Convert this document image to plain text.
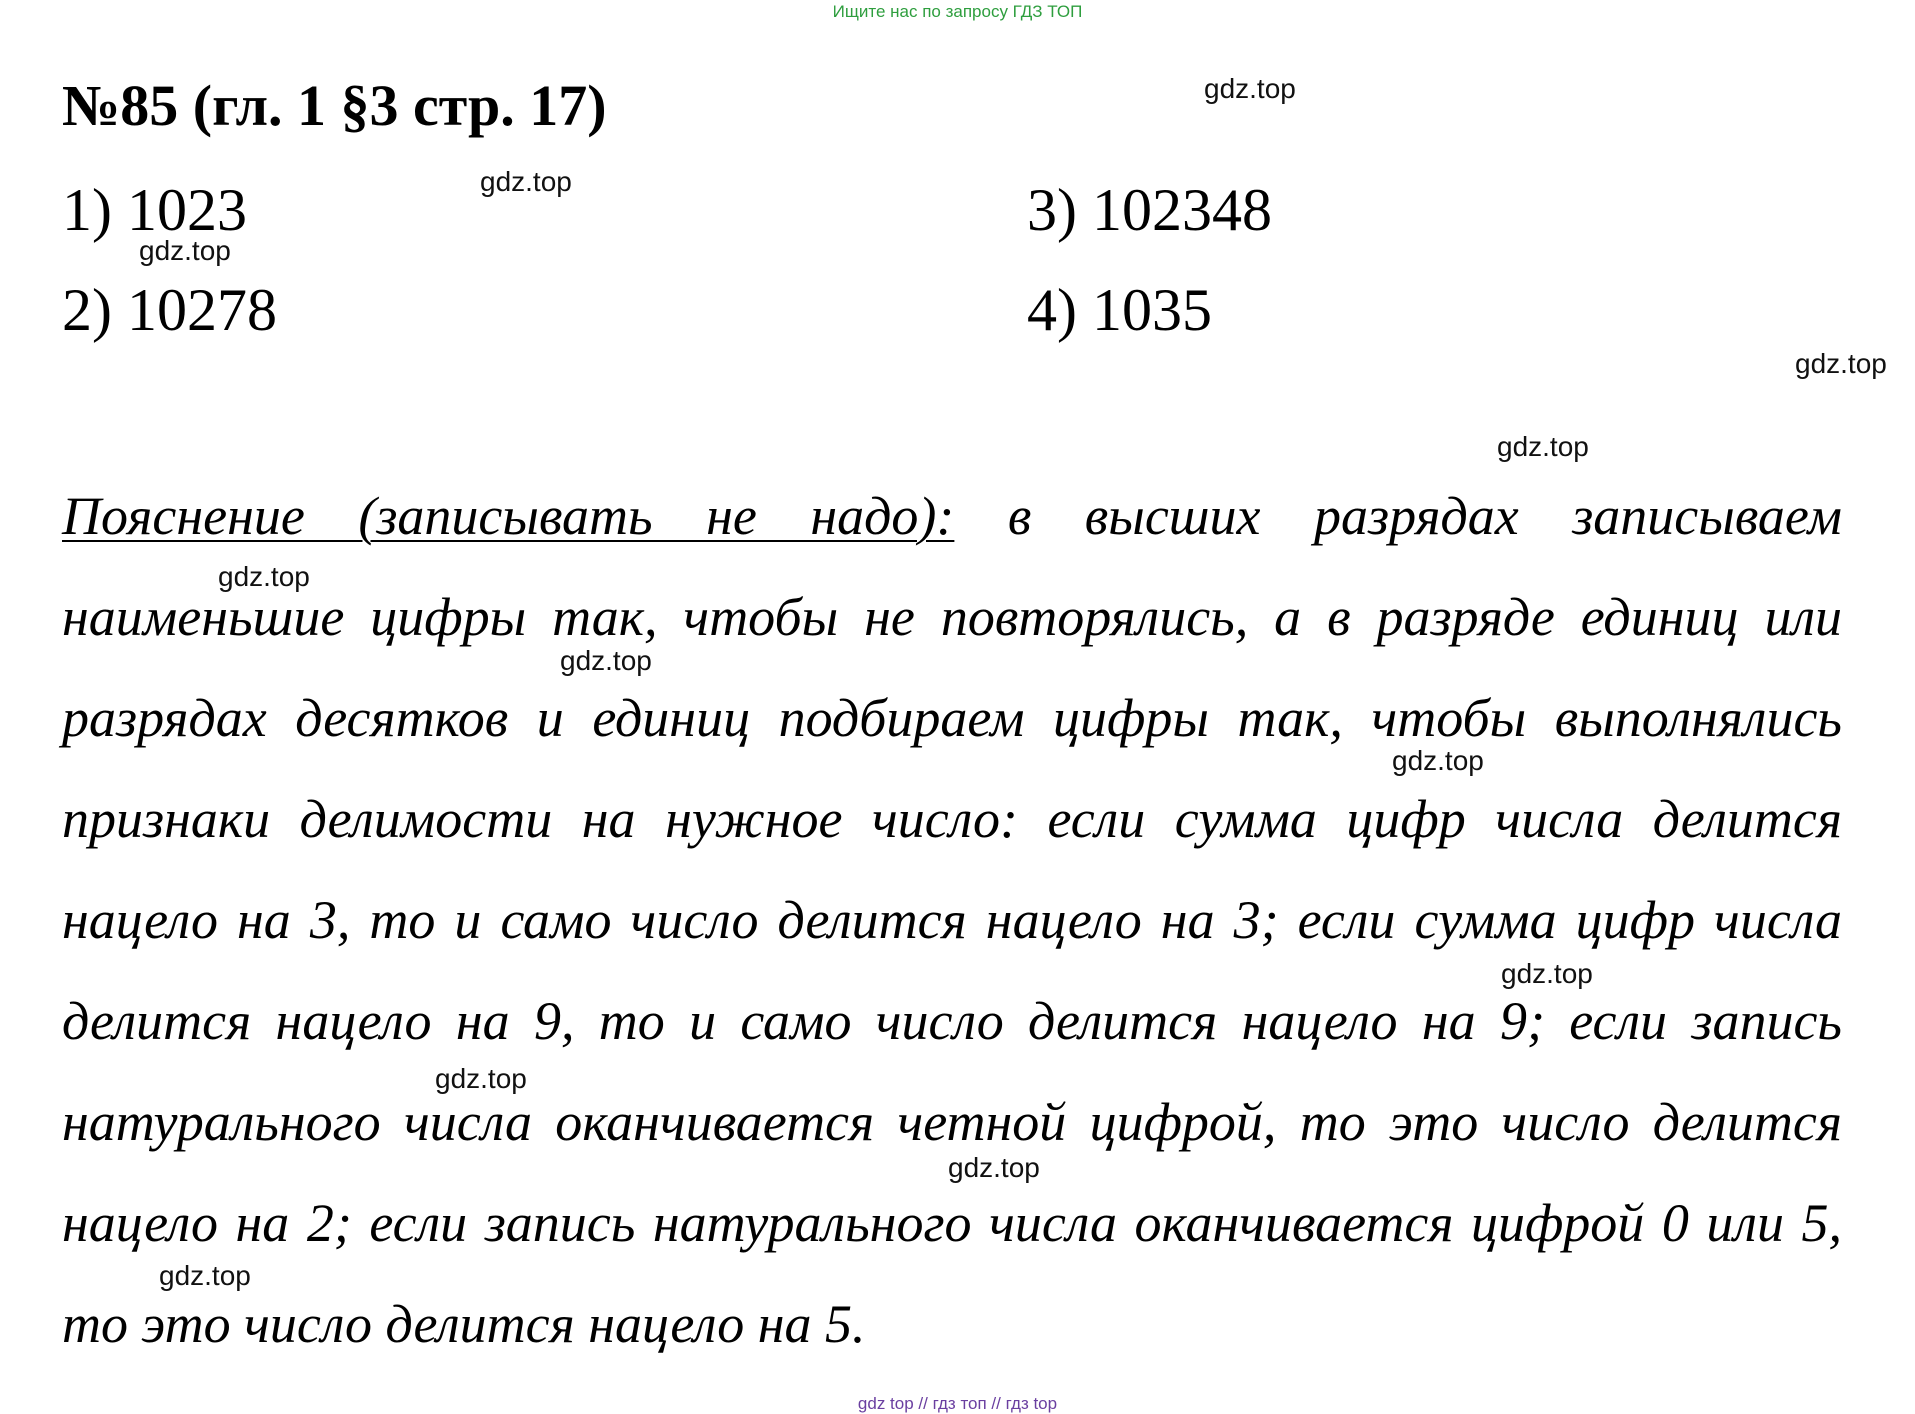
Ищите нас по запросу ГДЗ ТОП
№85 (гл. 1 §3 стр. 17)
1) 1023
2) 10278
3) 102348
4) 1035
Пояснение (записывать не надо): в высших разрядах записываем наименьшие цифры так, чтобы не повторялись, а в разряде единиц или разрядах десятков и единиц подбираем цифры так, чтобы выполнялись признаки делимости на нужное число: если сумма цифр числа делится нацело на 3, то и само число делится нацело на 3; если сумма цифр числа делится нацело на 9, то и само число делится нацело на 9; если запись натурального числа оканчивается четной цифрой, то это число делится нацело на 2; если запись натурального числа оканчивается цифрой 0 или 5, то это число делится нацело на 5.
gdz.top
gdz.top
gdz.top
gdz.top
gdz.top
gdz.top
gdz.top
gdz.top
gdz.top
gdz.top
gdz.top
gdz.top
gdz top // гдз топ // гдз top
